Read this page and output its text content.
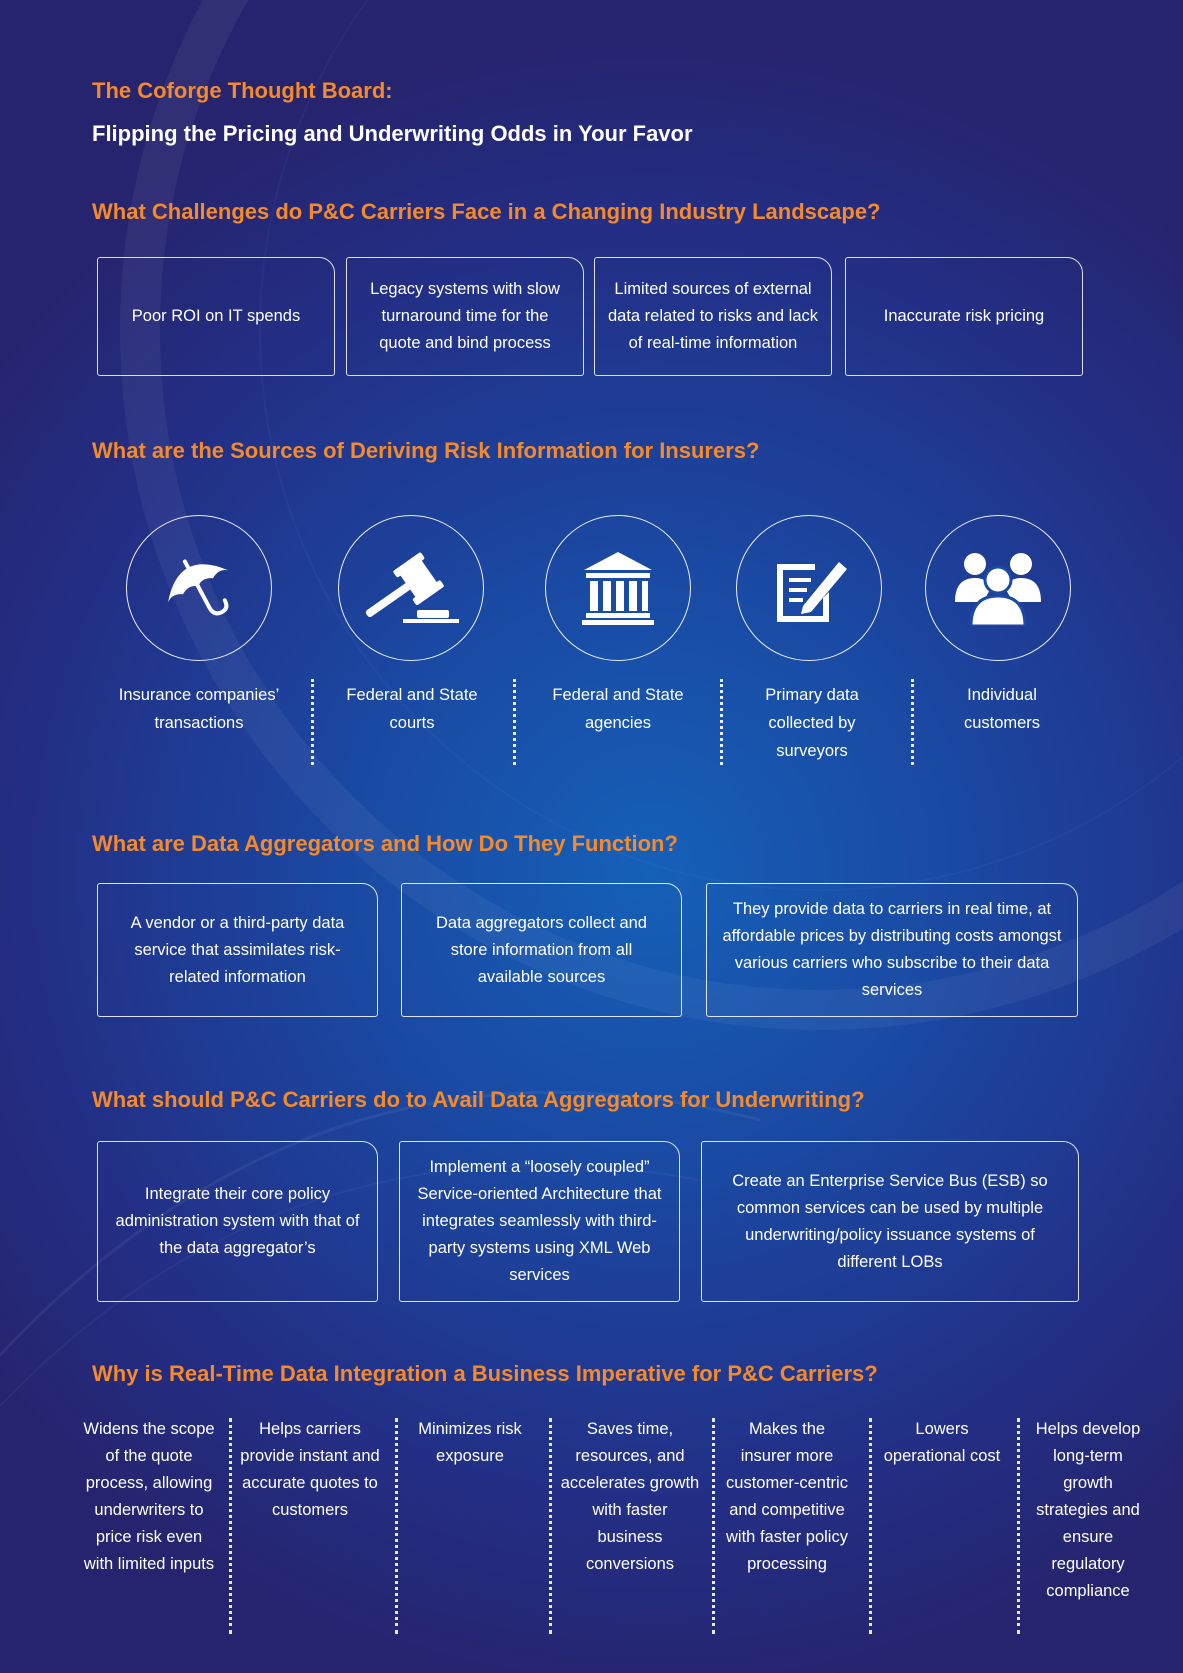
The Coforge Thought Board:
Flipping the Pricing and Underwriting Odds in Your Favor
What Challenges do P&C Carriers Face in a Changing Industry Landscape?
Poor ROI on IT spends
Legacy systems with slow turnaround time for the quote and bind process
Limited sources of external data related to risks and lack of real-time information
Inaccurate risk pricing
What are the Sources of Deriving Risk Information for Insurers?
Insurance companies’ transactions
Federal and State courts
Federal and State agencies
Primary data collected by surveyors
Individual customers
What are Data Aggregators and How Do They Function?
A vendor or a third-party data service that assimilates risk-related information
Data aggregators collect and store information from all available sources
They provide data to carriers in real time, at affordable prices by distributing costs amongst various carriers who subscribe to their data services
What should P&C Carriers do to Avail Data Aggregators for Underwriting?
Integrate their core policy administration system with that of the data aggregator’s
Implement a “loosely coupled” Service-oriented Architecture that integrates seamlessly with third-party systems using XML Web services
Create an Enterprise Service Bus (ESB) so common services can be used by multiple underwriting/policy issuance systems of different LOBs
Why is Real-Time Data Integration a Business Imperative for P&C Carriers?
Widens the scope of the quote process, allowing underwriters to price risk even with limited inputs
Helps carriers provide instant and accurate quotes to customers
Minimizes risk exposure
Saves time, resources, and accelerates growth with faster business conversions
Makes the insurer more customer-centric and competitive with faster policy processing
Lowers operational cost
Helps develop long-term growth strategies and ensure regulatory compliance
